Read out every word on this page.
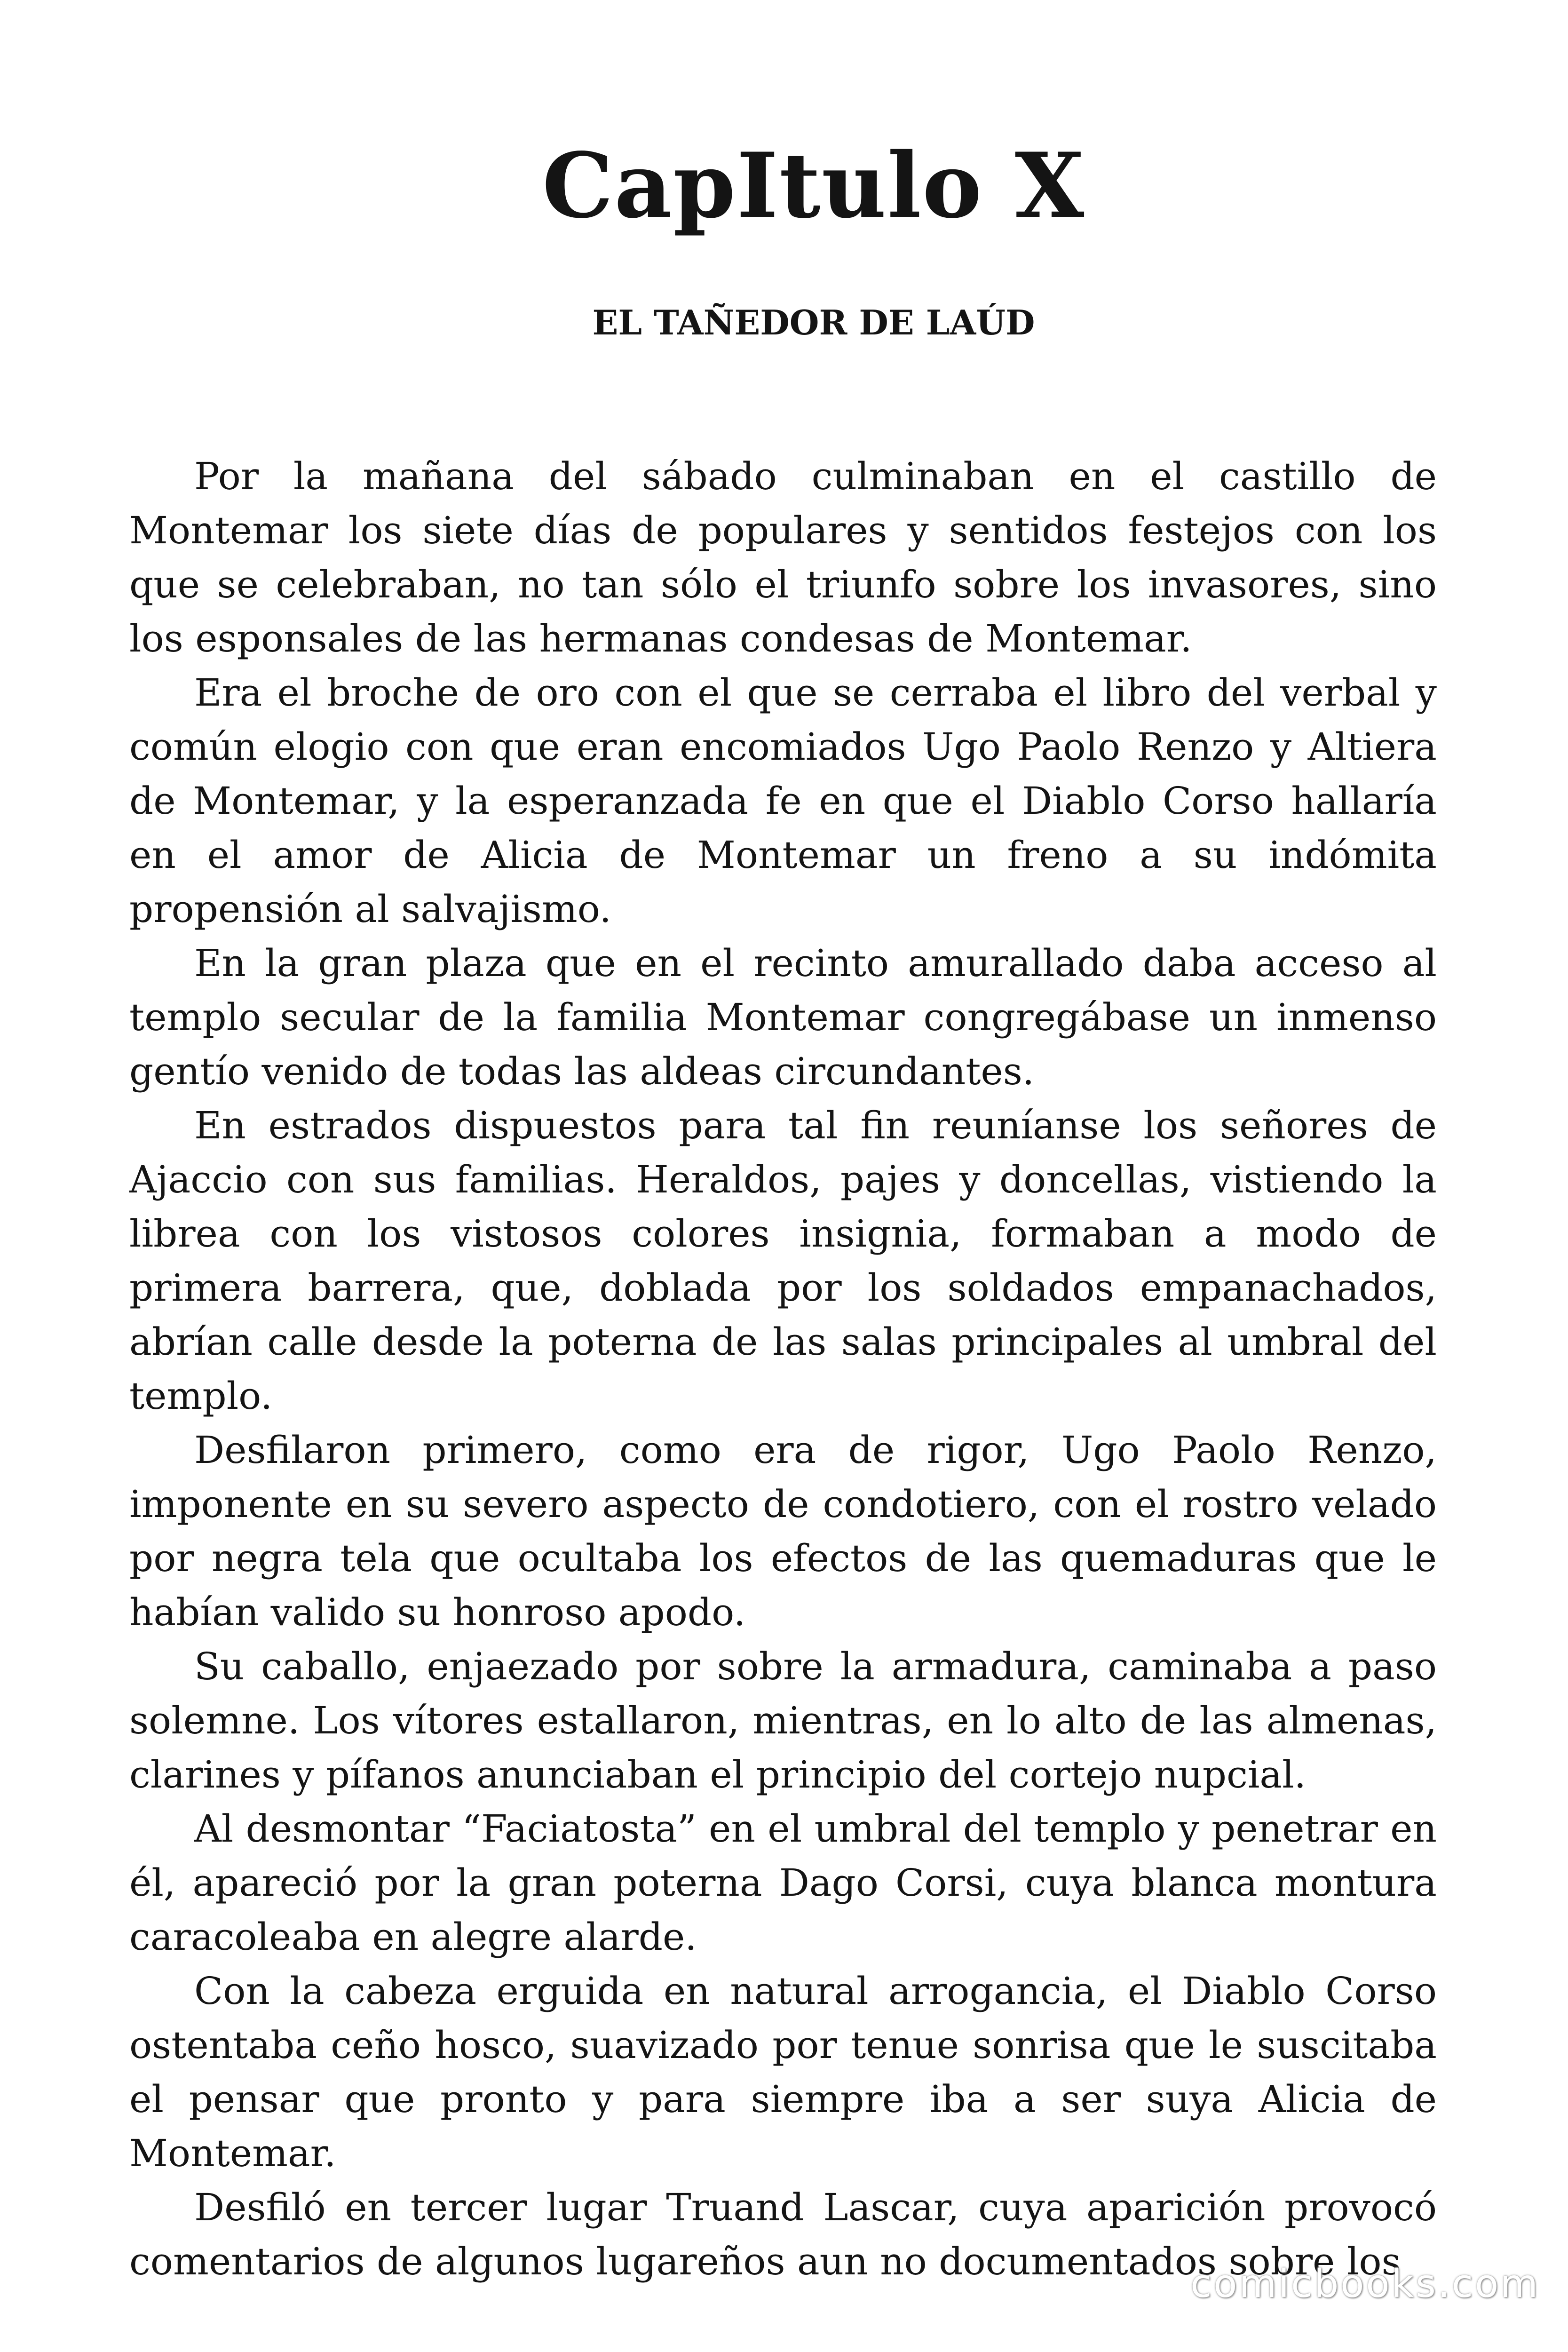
CapItulo X
EL TAÑEDOR DE LAÚD

Por la mañana del sábado culminaban en el castillo de Montemar los siete días de populares y sentidos festejos con los que se celebraban, no tan sólo el triunfo sobre los invasores, sino los esponsales de las hermanas condesas de Montemar.

Era el broche de oro con el que se cerraba el libro del verbal y común elogio con que eran encomiados Ugo Paolo Renzo y Altiera de Montemar, y la esperanzada fe en que el Diablo Corso hallaría en el amor de Alicia de Montemar un freno a su indómita propensión al salvajismo.

En la gran plaza que en el recinto amurallado daba acceso al templo secular de la familia Montemar congregábase un inmenso gentío venido de todas las aldeas circundantes.

En estrados dispuestos para tal fin reuníanse los señores de Ajaccio con sus familias. Heraldos, pajes y doncellas, vistiendo la librea con los vistosos colores insignia, formaban a modo de primera barrera, que, doblada por los soldados empanachados, abrían calle desde la poterna de las salas principales al umbral del templo.

Desfilaron primero, como era de rigor, Ugo Paolo Renzo, imponente en su severo aspecto de condotiero, con el rostro velado por negra tela que ocultaba los efectos de las quemaduras que le habían valido su honroso apodo.

Su caballo, enjaezado por sobre la armadura, caminaba a paso solemne. Los vítores estallaron, mientras, en lo alto de las almenas, clarines y pífanos anunciaban el principio del cortejo nupcial.

Al desmontar “Faciatosta” en el umbral del templo y penetrar en él, apareció por la gran poterna Dago Corsi, cuya blanca montura caracoleaba en alegre alarde.

Con la cabeza erguida en natural arrogancia, el Diablo Corso ostentaba ceño hosco, suavizado por tenue sonrisa que le suscitaba el pensar que pronto y para siempre iba a ser suya Alicia de Montemar.

Desfiló en tercer lugar Truand Lascar, cuya aparición provocó comentarios de algunos lugareños aun no documentados sobre los

comicbooks.com
